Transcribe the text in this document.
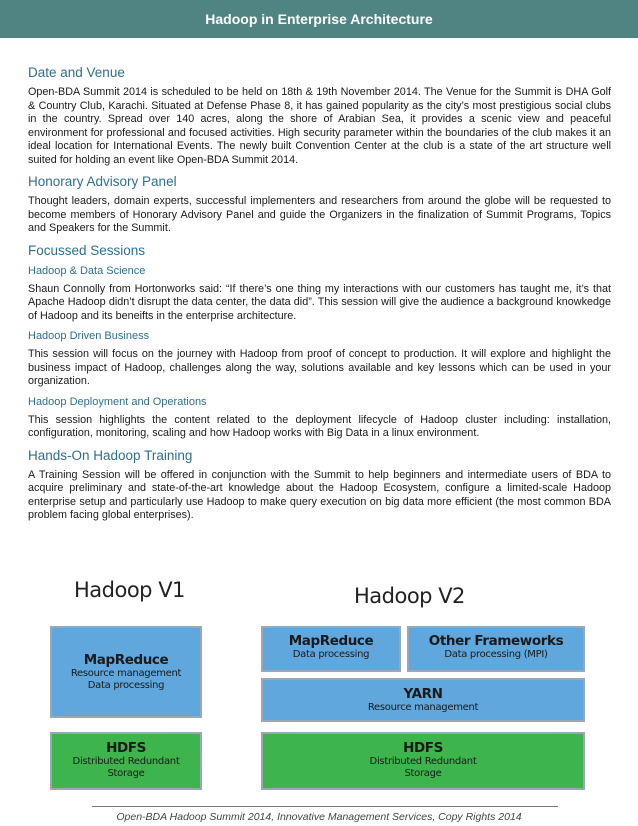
Hadoop in Enterprise Architecture
Date and Venue

Open-BDA Summit 2014 is scheduled to be held on 18th & 19th November 2014. The Venue for the Summit is DHA Golf & Country Club, Karachi. Situated at Defense Phase 8, it has gained popularity as the city’s most prestigious social clubs in the country. Spread over 140 acres, along the shore of Arabian Sea, it provides a scenic view and peaceful environment for professional and focused activities. High security parameter within the boundaries of the club makes it an ideal location for International Events. The newly built Convention Center at the club is a state of the art structure well suited for holding an event like Open-BDA Summit 2014.

Honorary Advisory Panel

Thought leaders, domain experts, successful implementers and researchers from around the globe will be requested to become members of Honorary Advisory Panel and guide the Organizers in the finalization of Summit Programs, Topics and Speakers for the Summit.

Focussed Sessions
Hadoop & Data Science

Shaun Connolly from Hortonworks said: “If there’s one thing my interactions with our customers has taught me, it’s that Apache Hadoop didn’t disrupt the data center, the data did”. This session will give the audience a background knowkedge of Hadoop and its beneifts in the enterprise architecture.

Hadoop Driven Business

This session will focus on the journey with Hadoop from proof of concept to production. It will explore and highlight the business impact of Hadoop, challenges along the way, solutions available and key lessons which can be used in your organization.

Hadoop Deployment and Operations

This session highlights the content related to the deployment lifecycle of Hadoop cluster including: installation, configuration, monitoring, scaling and how Hadoop works with Big Data in a linux environment.

Hands-On Hadoop Training

A Training Session will be offered in conjunction with the Summit to help beginners and intermediate users of BDA to acquire preliminary and state-of-the-art knowledge about the Hadoop Ecosystem, configure a limited-scale Hadoop enterprise setup and particularly use Hadoop to make query execution on big data more efficient (the most common BDA problem facing global enterprises).

Hadoop V1	Hadoop V2
MapReduce
Resource management
Data processing
HDFS
Distributed Redundant
Storage
MapReduce
Data processing
Other Frameworks
Data processing (MPI)
YARN
Resource management
HDFS
Distributed Redundant
Storage
Open-BDA Hadoop Summit 2014, Innovative Management Services, Copy Rights 2014
